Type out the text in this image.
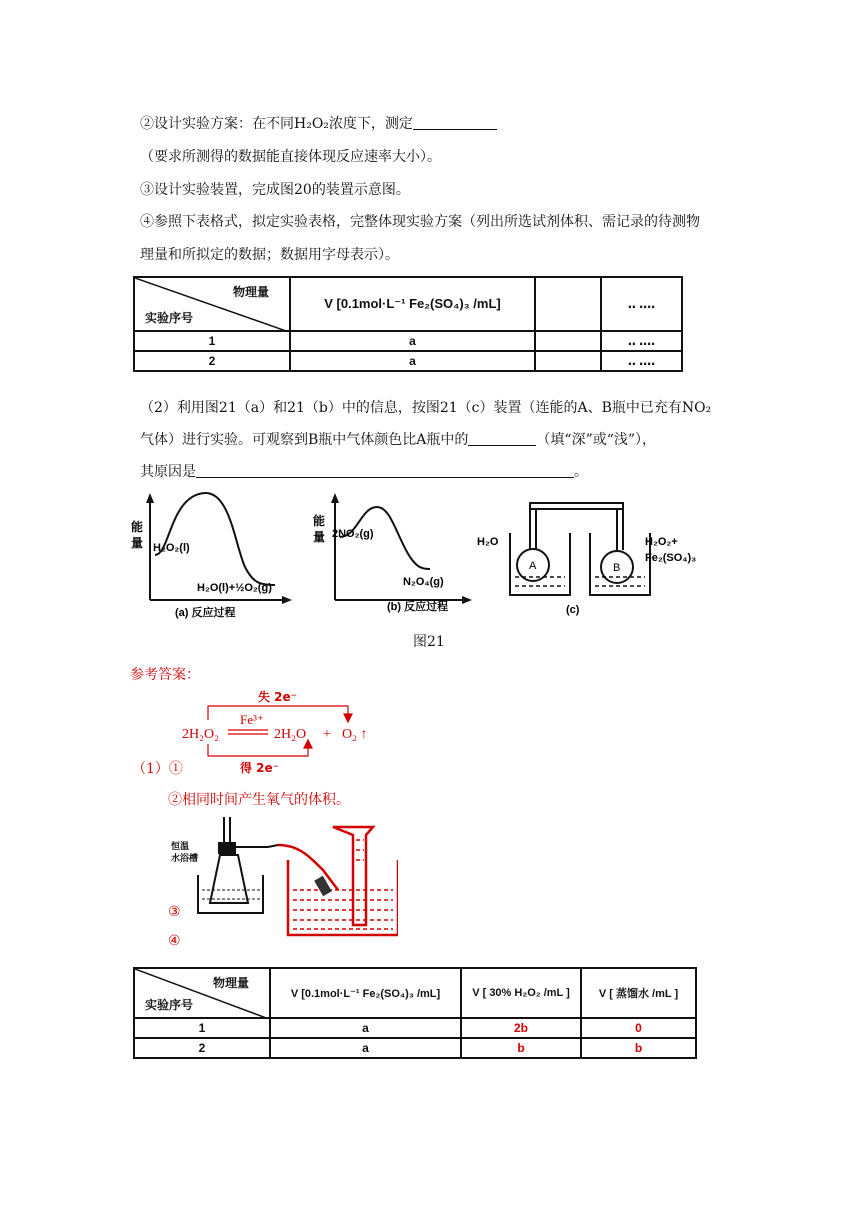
②设计实验方案：在不同H₂O₂浓度下，测定
（要求所测得的数据能直接体现反应速率大小）。
③设计实验装置，完成图20的装置示意图。
④参照下表格式，拟定实验表格，完整体现实验方案（列出所选试剂体积、需记录的待测物
理量和所拟定的数据；数据用字母表示）。
物理量
实验序号	V [0.1mol·L⁻¹ Fe₂(SO₄)₃ /mL]		‥ ‥‥
1	a		‥ ‥‥
2	a		‥ ‥‥
（2）利用图21（a）和21（b）中的信息，按图21（c）装置（连能的A、B瓶中已充有NO₂
气体）进行实验。可观察到B瓶中气体颜色比A瓶中的	（填“深”或“浅”），
其原因是	。
能
量 H₂O₂(l)
H₂O(l)+½O₂(g)
(a) 反应过程
能
量 2NO₂(g)
N₂O₄(g)
(b) 反应过程
H₂O
A	B
H₂O₂+
Fe₂(SO₄)₃
(c)
图21
参考答案：
失 2e⁻
Fe³⁺
2H₂O₂	2H₂O + O₂ ↑
得 2e⁻
（1）①
②相同时间产生氧气的体积。
恒温
水浴槽
③
④
物理量
实验序号	V [0.1mol·L⁻¹ Fe₂(SO₄)₃ /mL]	V [ 30% H₂O₂ /mL ]	V [ 蒸馏水 /mL ]
1	a	2b	0
2	a	b	b
